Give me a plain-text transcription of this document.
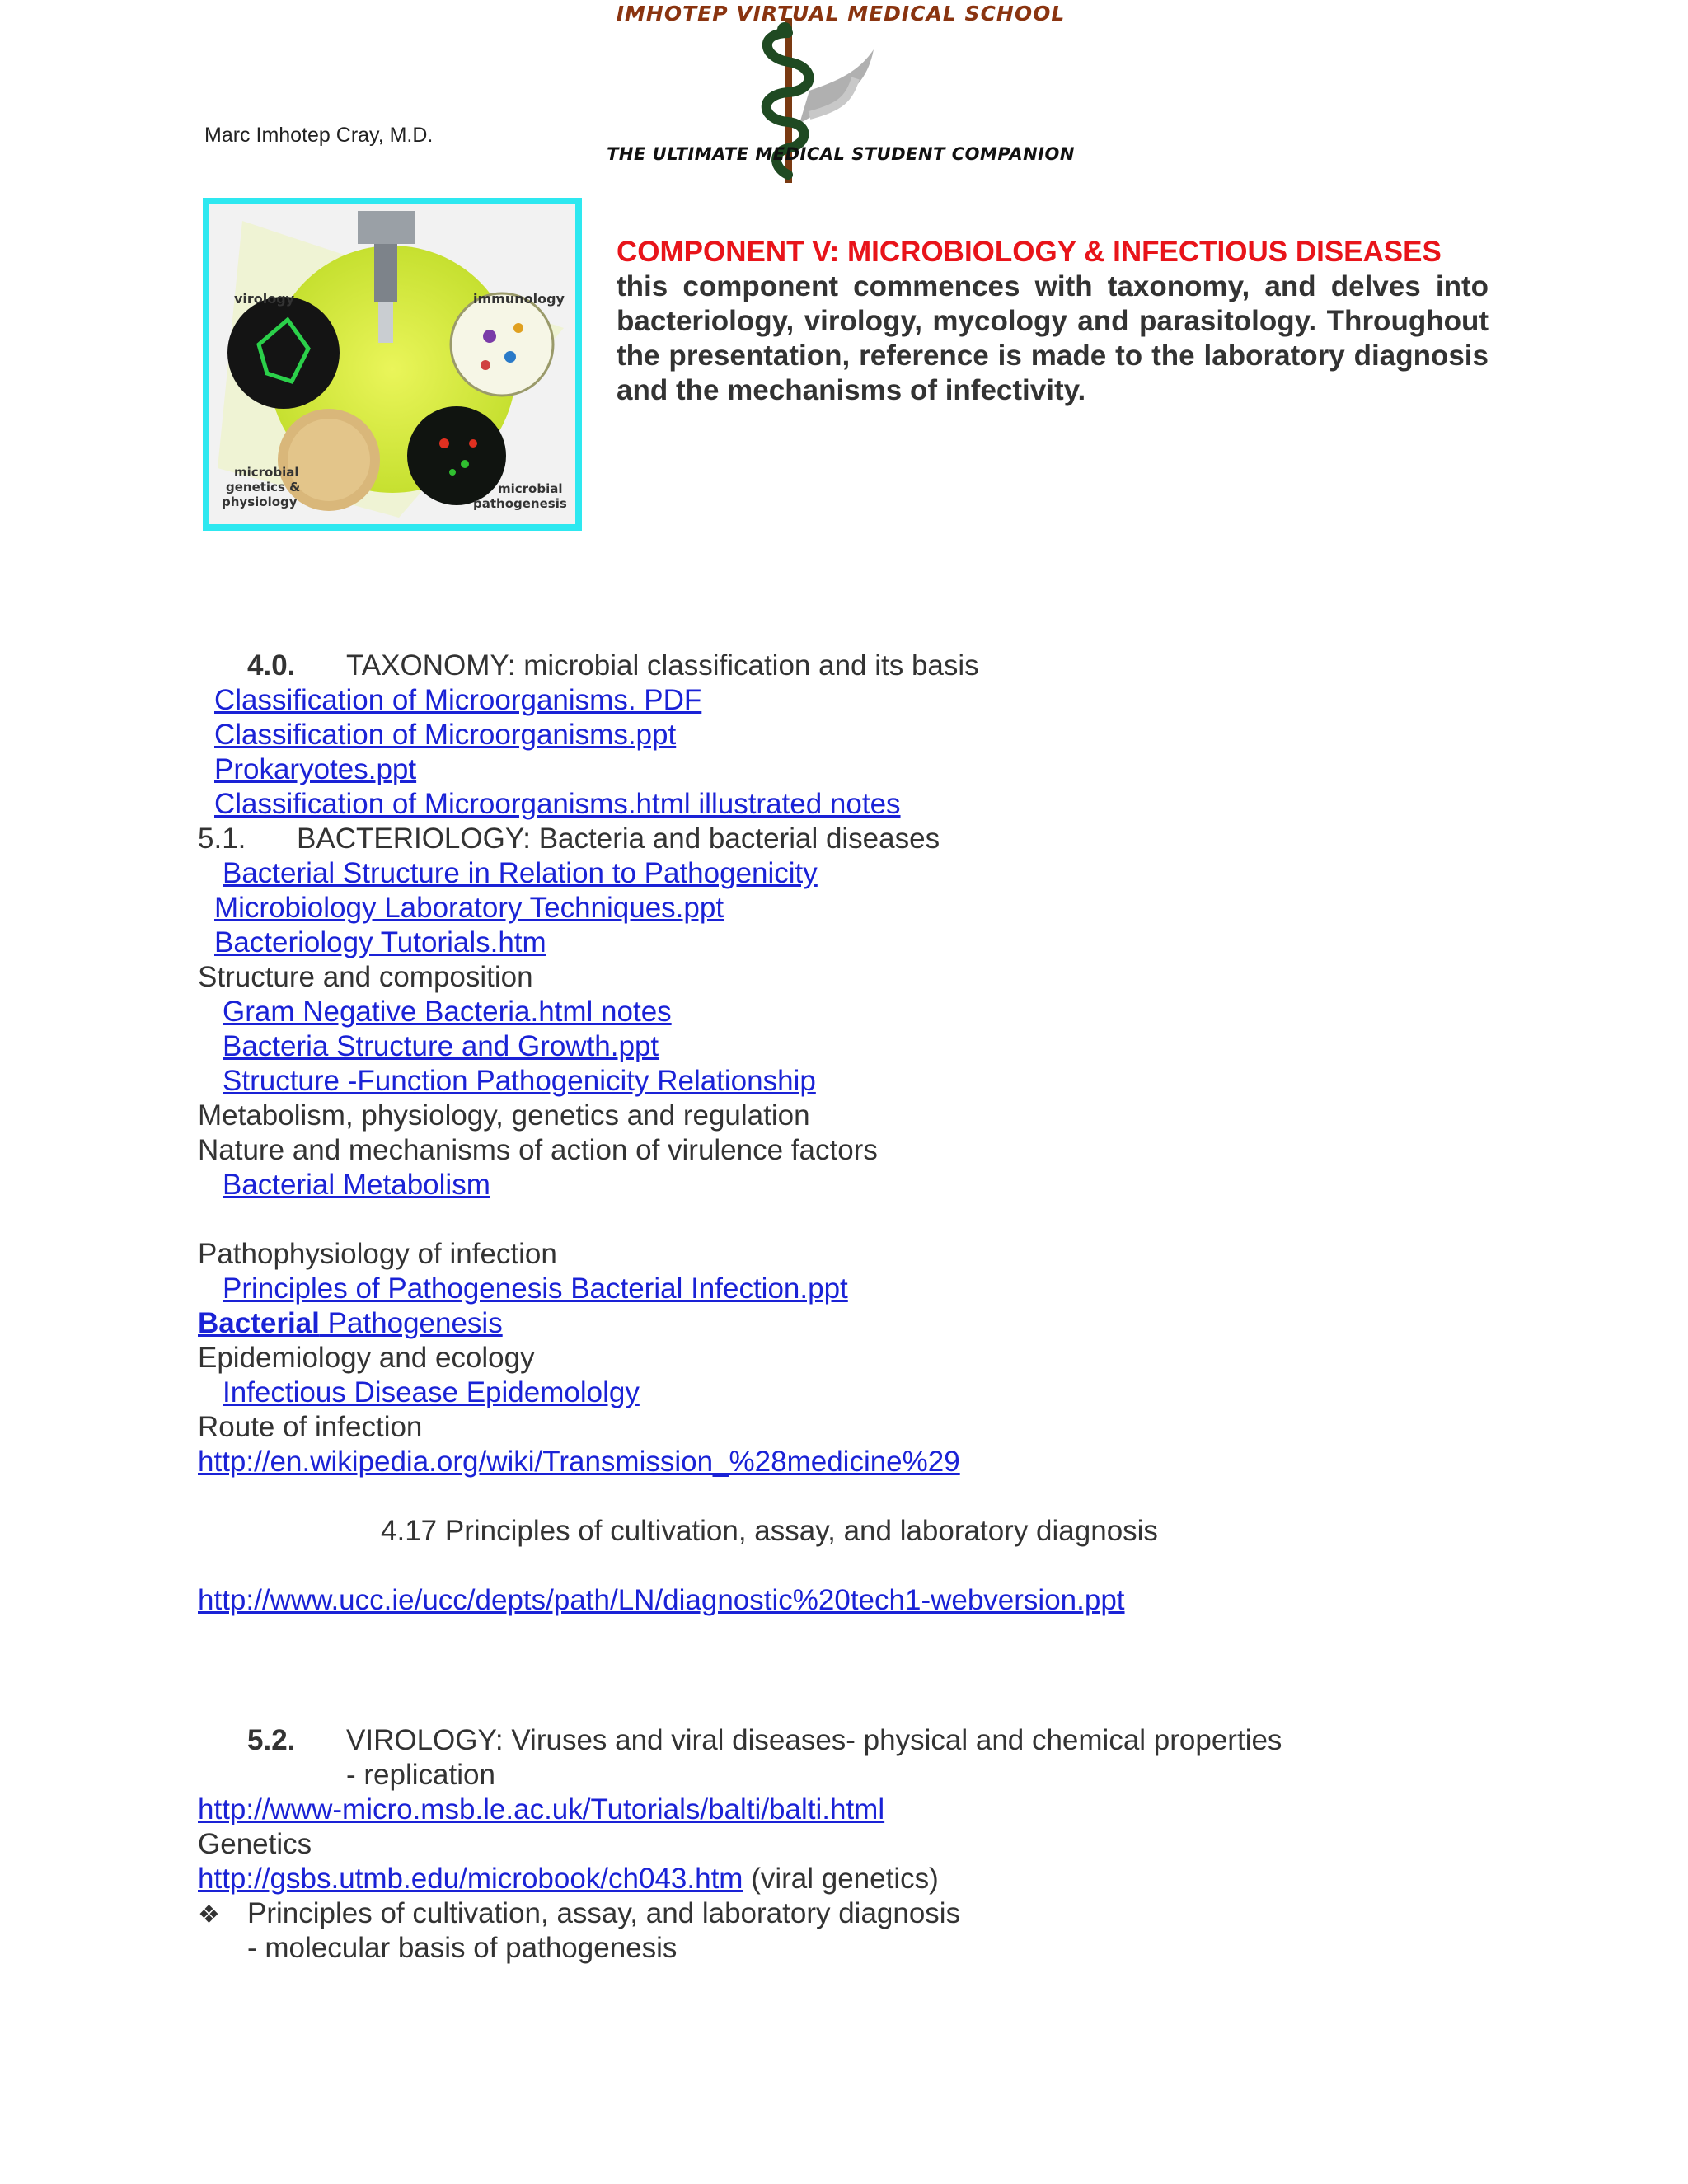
Marc Imhotep Cray, M.D.
IMHOTEP VIRTUAL MEDICAL SCHOOL
THE ULTIMATE MEDICAL STUDENT COMPANION
virology	immunology
microbial
genetics &
physiology
microbial
pathogenesis
COMPONENT V: MICROBIOLOGY & INFECTIOUS DISEASES
this component commences with taxonomy, and delves into bacteriology, virology, mycology and parasitology. Throughout the presentation, reference is made to the laboratory diagnosis and the mechanisms of infectivity.
4.0. TAXONOMY: microbial classification and its basis
Classification of Microorganisms. PDF
Classification of Microorganisms.ppt
Prokaryotes.ppt
Classification of Microorganisms.html illustrated notes
5.1. BACTERIOLOGY: Bacteria and bacterial diseases
Bacterial Structure in Relation to Pathogenicity
Microbiology Laboratory Techniques.ppt
Bacteriology Tutorials.htm
Structure and composition
Gram Negative Bacteria.html notes
Bacteria Structure and Growth.ppt
Structure -Function Pathogenicity Relationship
Metabolism, physiology, genetics and regulation
Nature and mechanisms of action of virulence factors
Bacterial Metabolism
Pathophysiology of infection
Principles of Pathogenesis Bacterial Infection.ppt
Bacterial Pathogenesis
Epidemiology and ecology
Infectious Disease Epidemololgy
Route of infection
http://en.wikipedia.org/wiki/Transmission_%28medicine%29
4.17 Principles of cultivation, assay, and laboratory diagnosis
http://www.ucc.ie/ucc/depts/path/LN/diagnostic%20tech1-webversion.ppt
5.2. VIROLOGY: Viruses and viral diseases- physical and chemical properties
- replication
http://www-micro.msb.le.ac.uk/Tutorials/balti/balti.html
Genetics
http://gsbs.utmb.edu/microbook/ch043.htm (viral genetics)
❖ Principles of cultivation, assay, and laboratory diagnosis
- molecular basis of pathogenesis
